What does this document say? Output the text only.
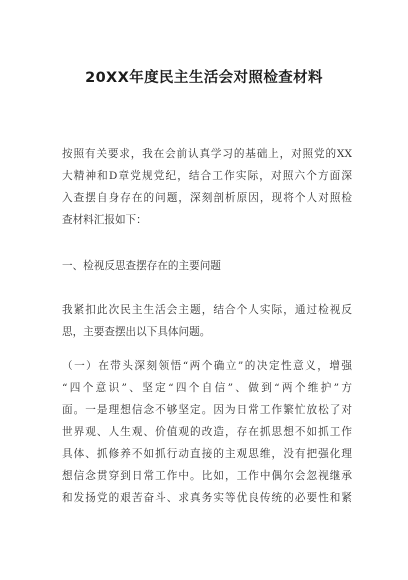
20XX年度民主生活会对照检查材料
按照有关要求，我在会前认真学习的基础上，对照党的XX
大精神和D章党规党纪，结合工作实际，对照六个方面深
入查摆自身存在的问题，深刻剖析原因，现将个人对照检
查材料汇报如下：
一、检视反思查摆存在的主要问题
我紧扣此次民主生活会主题，结合个人实际，通过检视反
思，主要查摆出以下具体问题。
（一）在带头深刻领悟“两个确立”的决定性意义，增强
“四个意识”、坚定“四个自信”、做到“两个维护”方
面。一是理想信念不够坚定。因为日常工作繁忙放松了对
世界观、人生观、价值观的改造，存在抓思想不如抓工作
具体、抓修养不如抓行动直接的主观思维，没有把强化理
想信念贯穿到日常工作中。比如，工作中偶尔会忽视继承
和发扬党的艰苦奋斗、求真务实等优良传统的必要性和紧
